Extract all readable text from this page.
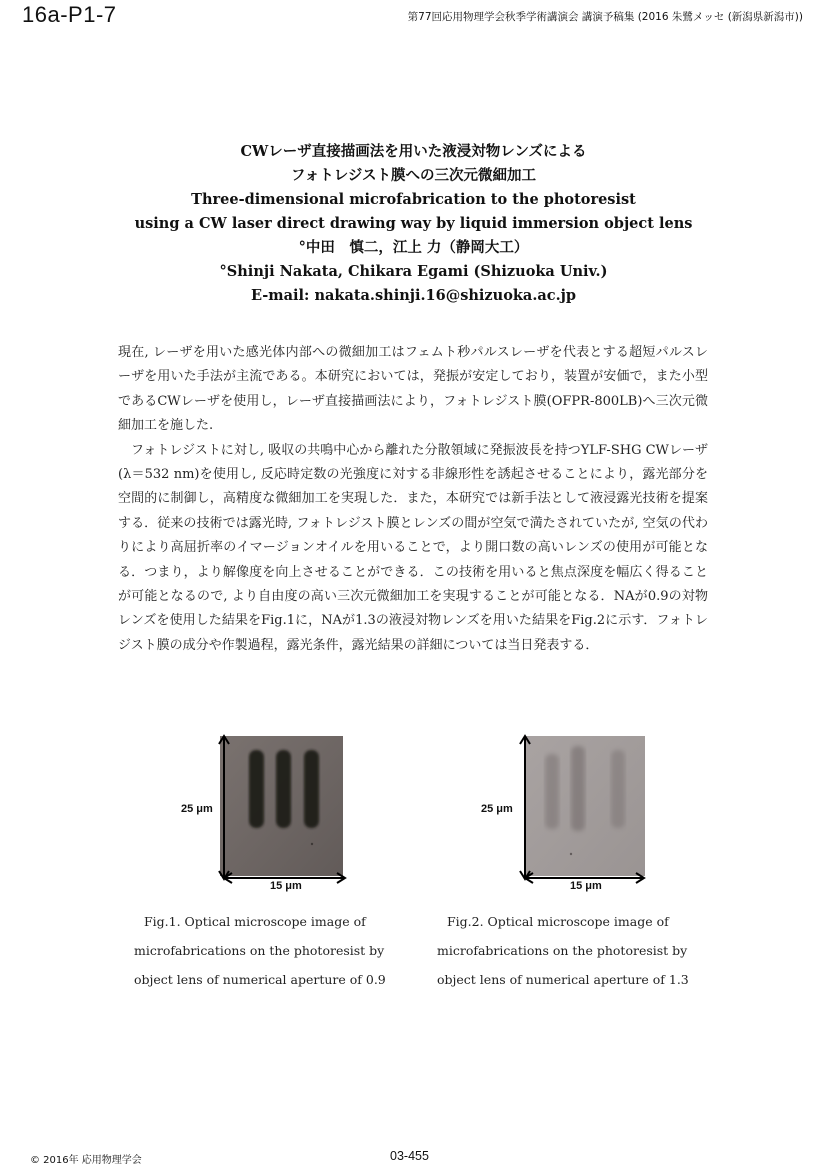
16a-P1-7	第77回応用物理学会秋季学術講演会 講演予稿集 (2016 朱鷺メッセ (新潟県新潟市))
CWレーザ直接描画法を用いた液浸対物レンズによる
フォトレジスト膜への三次元微細加工
Three-dimensional microfabrication to the photoresist
using a CW laser direct drawing way by liquid immersion object lens
°中田　慎二，江上 力（静岡大工）
°Shinji Nakata, Chikara Egami (Shizuoka Univ.)
E-mail: nakata.shinji.16@shizuoka.ac.jp

現在, レーザを用いた感光体内部への微細加工はフェムト秒パルスレーザを代表とする超短パルスレーザを用いた手法が主流である。本研究においては，発振が安定しており，装置が安価で，また小型であるCWレーザを使用し，レーザ直接描画法により，フォトレジスト膜(OFPR-800LB)へ三次元微細加工を施した.

フォトレジストに対し, 吸収の共鳴中心から離れた分散領域に発振波長を持つYLF-SHG CWレーザ(λ＝532 nm)を使用し, 反応時定数の光強度に対する非線形性を誘起させることにより，露光部分を空間的に制御し，高精度な微細加工を実現した．また，本研究では新手法として液浸露光技術を提案する．従来の技術では露光時, フォトレジスト膜とレンズの間が空気で満たされていたが, 空気の代わりにより高屈折率のイマージョンオイルを用いることで，より開口数の高いレンズの使用が可能となる．つまり，より解像度を向上させることができる．この技術を用いると焦点深度を幅広く得ることが可能となるので, より自由度の高い三次元微細加工を実現することが可能となる．NAが0.9の対物レンズを使用した結果をFig.1に，NAが1.3の液浸対物レンズを用いた結果をFig.2に示す．フォトレジスト膜の成分や作製過程，露光条件，露光結果の詳細については当日発表する．

25 μm
15 μm
25 μm
15 μm
Fig.1. Optical microscope image of
microfabrications on the photoresist by
object lens of numerical aperture of 0.9
Fig.2. Optical microscope image of
microfabrications on the photoresist by
object lens of numerical aperture of 1.3
© 2016年 応用物理学会	03-455
